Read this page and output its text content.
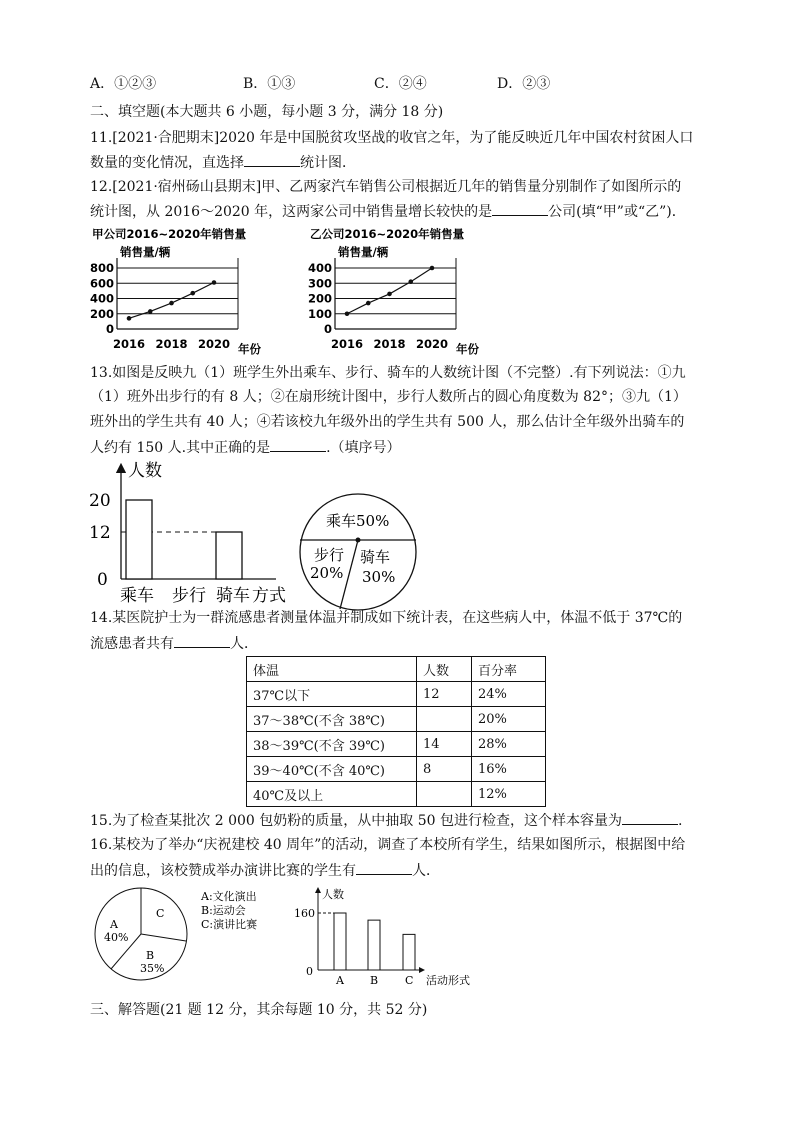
A．①②③	B．①③	C．②④	D．②③
二、填空题(本大题共 6 小题，每小题 3 分，满分 18 分)
11.[2021·合肥期末]2020 年是中国脱贫攻坚战的收官之年，为了能反映近几年中国农村贫困人口
数量的变化情况，直选择	统计图．
12.[2021·宿州砀山县期末]甲、乙两家汽车销售公司根据近几年的销售量分别制作了如图所示的
统计图，从 2016～2020 年，这两家公司中销售量增长较快的是	公司(填“甲”或“乙”)．
甲公司2016~2020年销售量
销售量/辆
0
200
400
600
800
2016 2018 2020 年份
乙公司2016~2020年销售量
销售量/辆
0
100
200
300
400
2016 2018 2020 年份
13.如图是反映九（1）班学生外出乘车、步行、骑车的人数统计图（不完整）.有下列说法：①九
（1）班外出步行的有 8 人；②在扇形统计图中，步行人数所占的圆心角度数为 82°；③九（1）
班外出的学生共有 40 人；④若该校九年级外出的学生共有 500 人，那么估计全年级外出骑车的
人约有 150 人.其中正确的是	.（填序号）
人数
0
12
20
乘车 步行 骑车 方式
乘车50%
步行
20%
骑车
30%
14.某医院护士为一群流感患者测量体温并制成如下统计表，在这些病人中，体温不低于 37℃的
流感患者共有	人．
体温	人数	百分率
37℃以下	12	24%
37～38℃(不含 38℃)		20%
38～39℃(不含 39℃)	14	28%
39～40℃(不含 40℃)	8	16%
40℃及以上		12%
15.为了检查某批次 2 000 包奶粉的质量，从中抽取 50 包进行检查，这个样本容量为	.
16.某校为了举办“庆祝建校 40 周年”的活动，调查了本校所有学生，结果如图所示，根据图中给
出的信息，该校赞成举办演讲比赛的学生有	人．
A
40%
C
B
35%
A:文化演出
B:运动会
C:演讲比赛
人数
160
0
A B C 活动形式
三、解答题(21 题 12 分，其余每题 10 分，共 52 分)
